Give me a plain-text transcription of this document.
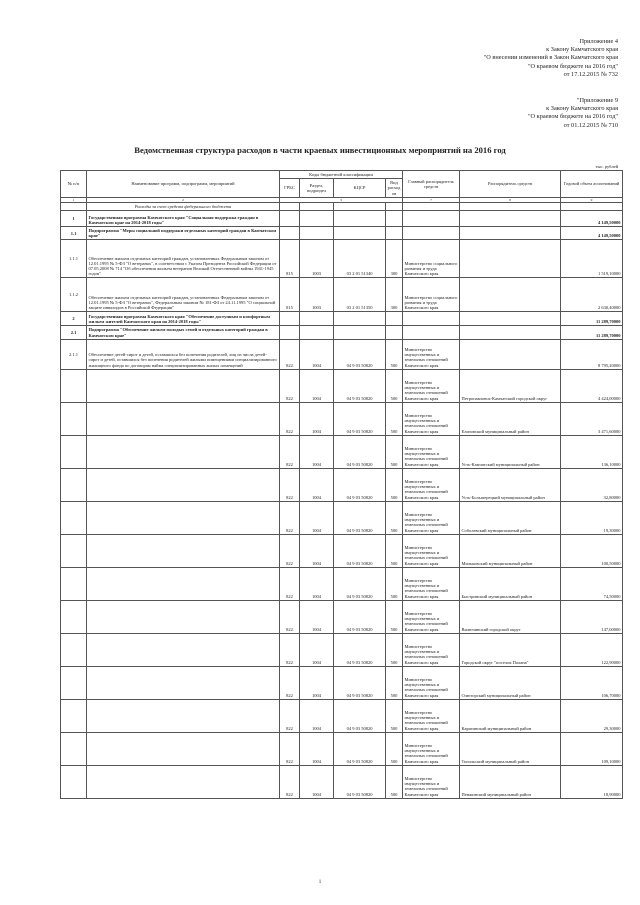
Приложение 4
к Закону Камчатского края
"О внесении изменений в Закон Камчатского края
"О краевом бюджете на 2016 год"
от 17.12.2015 № 732
"Приложение 9
к Закону Камчатского края
"О краевом бюджете на 2016 год"
от 01.12.2015 № 710
Ведомственная структура расходов в части краевых инвестиционных мероприятий на 2016 год
тыс. рублей
№ п/п	Наименование программ, подпрограмм, мероприятий	Коды бюджетной классификации				Главный распорядитель средств	Распорядитель средств	Годовой объем ассигнований
		ГРБС	Раздел, подраздел	КЦСР	Вид расходов			
1	2	3				7	8	9
	Расходы за счет средств федерального бюджета							
1	Государственная программа Камчатского края "Социальная поддержка граждан в Камчатском крае на 2014-2018 годы"							4 149,50000
1.1	Подпрограмма "Меры социальной поддержки отдельных категорий граждан в Камчатском крае"							4 149,50000
1.1.1	Обеспечение жильем отдельных категорий граждан, установленных Федеральным законом от 12.01.1995 № 5-ФЗ "О ветеранах", в соответствии с Указом Президента Российской Федерации от 07.05.2008 № 714 "Об обеспечении жильем ветеранов Великой Отечественной войны 1941-1945 годов"	815	1003	03 2 01 51340	300	Министерство социального развития и труда Камчатского края		1 519,10000
1.1.2	Обеспечение жильем отдельных категорий граждан, установленных Федеральным законом от 12.01.1995 № 5-ФЗ "О ветеранах", Федеральным законом № 181-ФЗ от 24.11.1995 "О социальной защите инвалидов в Российской Федерации"	815	1003	03 2 01 51350	300	Министерство социального развития и труда Камчатского края		2 630,40000
2	Государственная программа Камчатского края "Обеспечение доступным и комфортным жильем жителей Камчатского края на 2014-2018 годы"							11 289,70000
2.1	Подпрограмма "Обеспечение жильем молодых семей и отдельных категорий граждан в Камчатском крае"							11 289,70000
2.1.1	Обеспечение детей-сирот и детей, оставшихся без попечения родителей, лиц из числа детей-сирот и детей, оставшихся без попечения родителей жилыми помещениями специализированного жилищного фонда по договорам найма специализированных жилых помещений	822	1004	04 9 03 50820	500	Министерство имущественных и земельных отношений Камчатского края		8 795,20000
		822	1004	04 9 03 50820	500	Министерство имущественных и земельных отношений Камчатского края	Петропавловск-Камчатский городской округ	4 424,00000
		822	1004	04 9 03 50820	500	Министерство имущественных и земельных отношений Камчатского края	Елизовский муниципальный район	3 471,60000
		822	1004	04 9 03 50820	500	Министерство имущественных и земельных отношений Камчатского края	Усть-Камчатский муниципальный район	136,10000
		822	1004	04 9 03 50820	500	Министерство имущественных и земельных отношений Камчатского края	Усть-Большерецкий муниципальный район	32,80000
		822	1004	04 9 03 50820	500	Министерство имущественных и земельных отношений Камчатского края	Соболевский муниципальный район	19,30000
		822	1004	04 9 03 50820	500	Министерство имущественных и земельных отношений Камчатского края	Мильковский муниципальный район	100,50000
		822	1004	04 9 03 50820	500	Министерство имущественных и земельных отношений Камчатского края	Быстринский муниципальный район	74,50000
		822	1004	04 9 03 50820	500	Министерство имущественных и земельных отношений Камчатского края	Вилючинский городской округ	147,00000
		822	1004	04 9 03 50820	500	Министерство имущественных и земельных отношений Камчатского края	Городской округ "поселок Палана"	122,90000
		822	1004	04 9 03 50820	500	Министерство имущественных и земельных отношений Камчатского края	Олюторский муниципальный район	106,70000
		822	1004	04 9 03 50820	500	Министерство имущественных и земельных отношений Камчатского края	Карагинский муниципальный район	29,30000
		822	1004	04 9 03 50820	500	Министерство имущественных и земельных отношений Камчатского края	Тигильский муниципальный район	109,10000
		822	1004	04 9 03 50820	500	Министерство имущественных и земельных отношений Камчатского края	Пенжинский муниципальный район	18,90000
1
